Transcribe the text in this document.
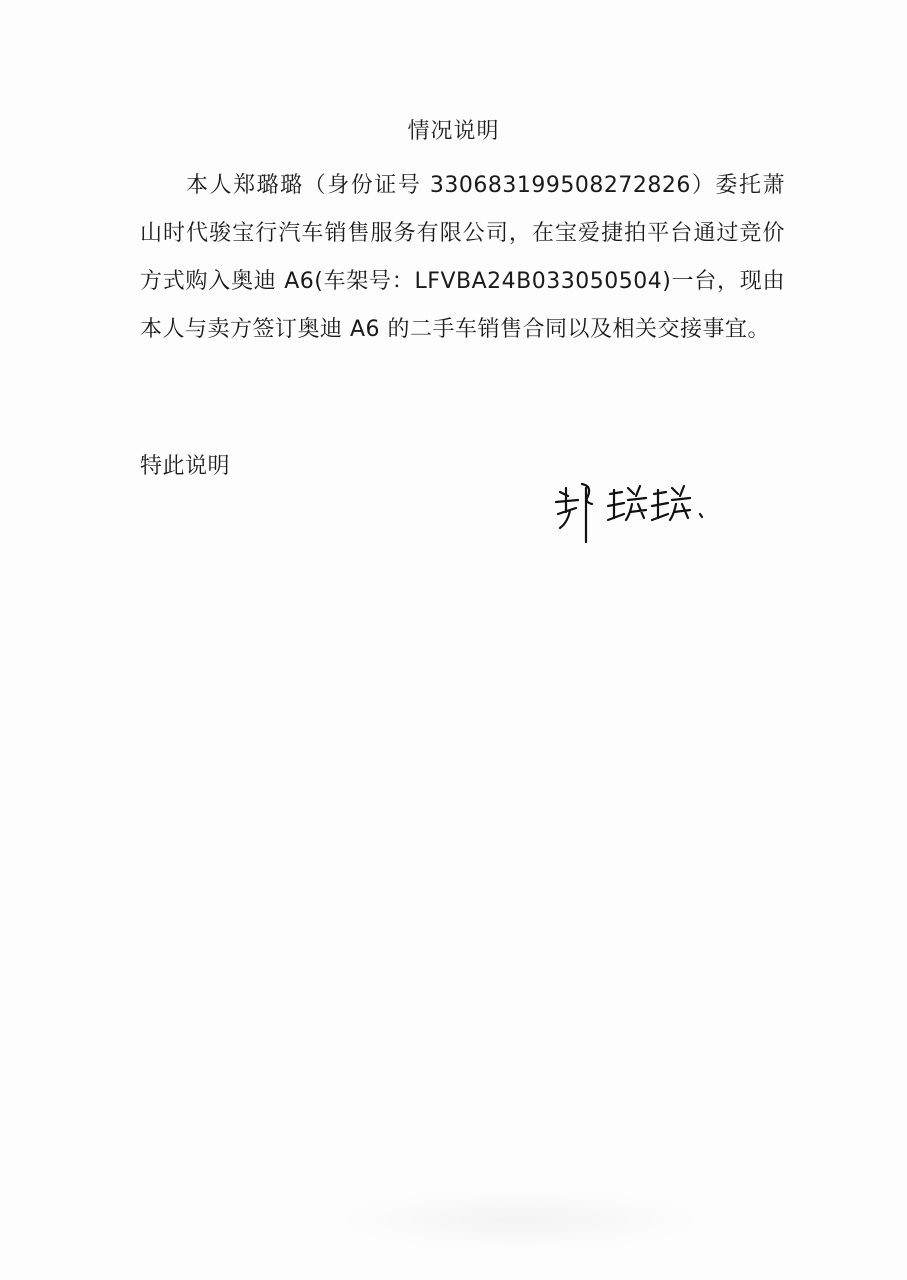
情况说明

本人郑璐璐（身份证号 330683199508272826）委托萧山时代骏宝行汽车销售服务有限公司，在宝爱捷拍平台通过竞价方式购入奥迪 A6(车架号：LFVBA24B033050504)一台，现由本人与卖方签订奥迪 A6 的二手车销售合同以及相关交接事宜。

特此说明
